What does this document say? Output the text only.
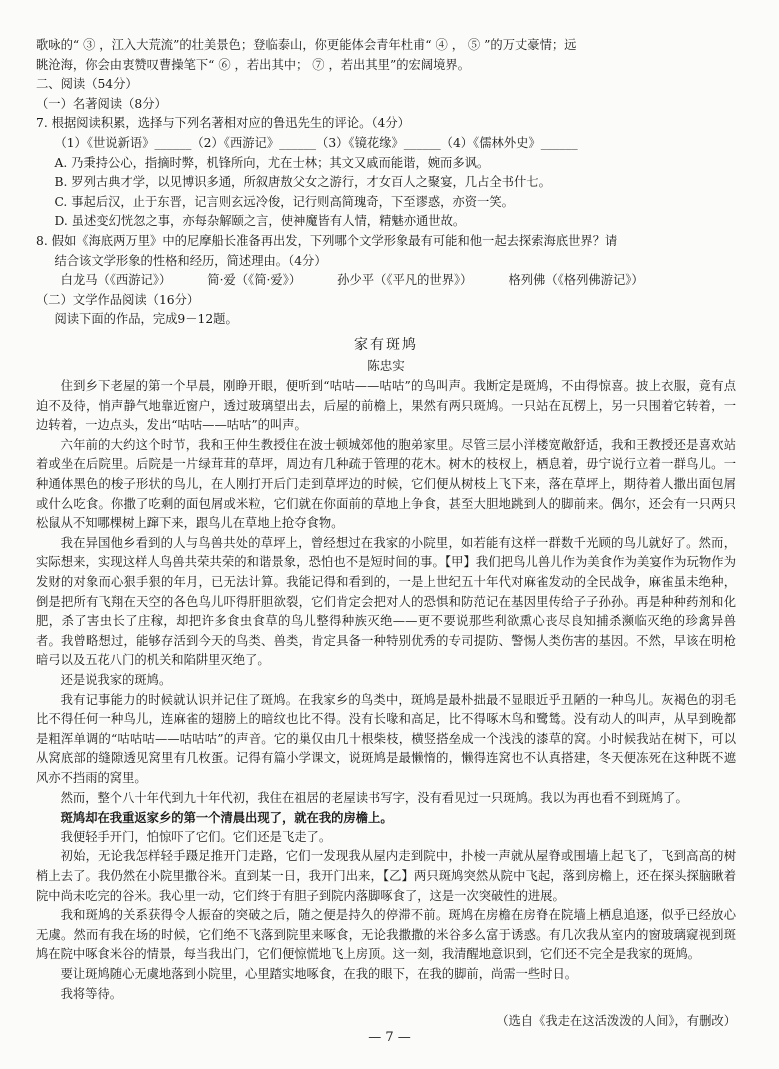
歌咏的“ ③ ，江入大荒流”的壮美景色；登临泰山，你更能体会青年杜甫“ ④ ， ⑤ ”的万丈豪情；远
眺沧海，你会由衷赞叹曹操笔下“ ⑥ ，若出其中； ⑦ ，若出其里”的宏阔境界。
二、阅读（54分）
（一）名著阅读（8分）
7. 根据阅读积累，选择与下列名著相对应的鲁迅先生的评论。（4分）
（1）《世说新语》______（2）《西游记》______（3）《镜花缘》______（4）《儒林外史》______
A. 乃秉持公心，指摘时弊，机锋所向，尤在士林；其文又戚而能谐，婉而多讽。
B. 罗列古典才学，以见博识多通，所叙唐敖父女之游行，才女百人之聚宴，几占全书什七。
C. 事起后汉，止于东晋，记言则玄远冷俊，记行则高简瑰奇，下至谬惑，亦资一笑。
D. 虽述变幻恍忽之事，亦每杂解颐之言，使神魔皆有人情，精魅亦通世故。
8. 假如《海底两万里》中的尼摩船长准备再出发，下列哪个文学形象最有可能和他一起去探索海底世界？请
结合该文学形象的性格和经历，简述理由。（4分）
白龙马（《西游记》）	简·爱（《简·爱》）	孙少平（《平凡的世界》）	格列佛（《格列佛游记》）
（二）文学作品阅读（16分）
阅读下面的作品，完成9－12题。
家有斑鸠
陈忠实

住到乡下老屋的第一个早晨，刚睁开眼，便听到“咕咕——咕咕”的鸟叫声。我断定是斑鸠，不由得惊喜。披上衣服，竟有点迫不及待，悄声静气地靠近窗户，透过玻璃望出去，后屋的前檐上，果然有两只斑鸠。一只站在瓦楞上，另一只围着它转着，一边转着，一边点头，发出“咕咕——咕咕”的叫声。

六年前的大约这个时节，我和王仲生教授住在波士顿城郊他的胞弟家里。尽管三层小洋楼宽敞舒适，我和王教授还是喜欢站着或坐在后院里。后院是一片绿茸茸的草坪，周边有几种疏于管理的花木。树木的枝杈上，栖息着，毋宁说行立着一群鸟儿。一种通体黑色的梭子形状的鸟儿，在人刚打开后门走到草坪边的时候，它们便从树枝上飞下来，落在草坪上，期待着人撒出面包屑或什么吃食。你撒了吃剩的面包屑或米粒，它们就在你面前的草地上争食，甚至大胆地跳到人的脚前来。偶尔，还会有一只两只松鼠从不知哪棵树上蹿下来，跟鸟儿在草地上抢夺食物。

我在异国他乡看到的人与鸟兽共处的草坪上，曾经想过在我家的小院里，如若能有这样一群数千光顾的鸟儿就好了。然而，实际想来，实现这样人鸟兽共荣共荣的和谐景象，恐怕也不是短时间的事。【甲】我们把鸟儿兽儿作为美食作为美宴作为玩物作为发财的对象而心狠手狠的年月，已无法计算。我能记得和看到的，一是上世纪五十年代对麻雀发动的全民战争，麻雀虽未绝种，倒是把所有飞翔在天空的各色鸟儿吓得肝胆欲裂，它们肯定会把对人的恐惧和防范记在基因里传给子子孙孙。再是种种药剂和化肥，杀了害虫长了庄稼，却把许多食虫食草的鸟儿整得种族灭绝——更不要说那些利欲熏心丧尽良知捕杀濒临灭绝的珍禽异兽者。我曾略想过，能够存活到今天的鸟类、兽类，肯定具备一种特别优秀的专司提防、警惕人类伤害的基因。不然，早该在明枪暗弓以及五花八门的机关和陷阱里灭绝了。

还是说我家的斑鸠。

我有记事能力的时候就认识并记住了斑鸠。在我家乡的鸟类中，斑鸠是最朴拙最不显眼近乎丑陋的一种鸟儿。灰褐色的羽毛比不得任何一种鸟儿，连麻雀的翅膀上的暗纹也比不得。没有长喙和高足，比不得啄木鸟和鹭鸶。没有动人的叫声，从早到晚都是粗浑单调的“咕咕咕——咕咕咕”的声音。它的巢仅由几十根柴枝，横竖搭垒成一个浅浅的漆草的窝。小时候我站在树下，可以从窝底部的缝隙透见窝里有几枚蛋。记得有篇小学课文，说斑鸠是最懒惰的，懒得连窝也不认真搭建，冬天便冻死在这种既不遮风亦不挡雨的窝里。

然而，整个八十年代到九十年代初，我住在祖居的老屋读书写字，没有看见过一只斑鸠。我以为再也看不到斑鸠了。

斑鸠却在我重返家乡的第一个清晨出现了，就在我的房檐上。

我便轻手开门，怕惊吓了它们。它们还是飞走了。

初始，无论我怎样轻手蹑足推开门走路，它们一发现我从屋内走到院中，扑棱一声就从屋脊或围墙上起飞了，飞到高高的树梢上去了。我仍然在小院里撒谷米。直到某一日，我开门出来，【乙】两只斑鸠突然从院中飞起，落到房檐上，还在探头探脑瞅着院中尚未吃完的谷米。我心里一动，它们终于有胆子到院内落脚啄食了，这是一次突破性的进展。

我和斑鸠的关系获得令人振奋的突破之后，随之便是持久的停滞不前。斑鸠在房檐在房脊在院墙上栖息追逐，似乎已经放心无虞。然而有我在场的时候，它们绝不飞落到院里来啄食，无论我撒撒的米谷多么富于诱惑。有几次我从室内的窗玻璃窥视到斑鸠在院中啄食米谷的情景，每当我出门，它们便惊慌地飞上房顶。这一刻，我清醒地意识到，它们还不完全是我家的斑鸠。

要让斑鸠随心无虞地落到小院里，心里踏实地啄食，在我的眼下，在我的脚前，尚需一些时日。

我将等待。

（选自《我走在这活泼泼的人间》，有删改）
— 7 —
